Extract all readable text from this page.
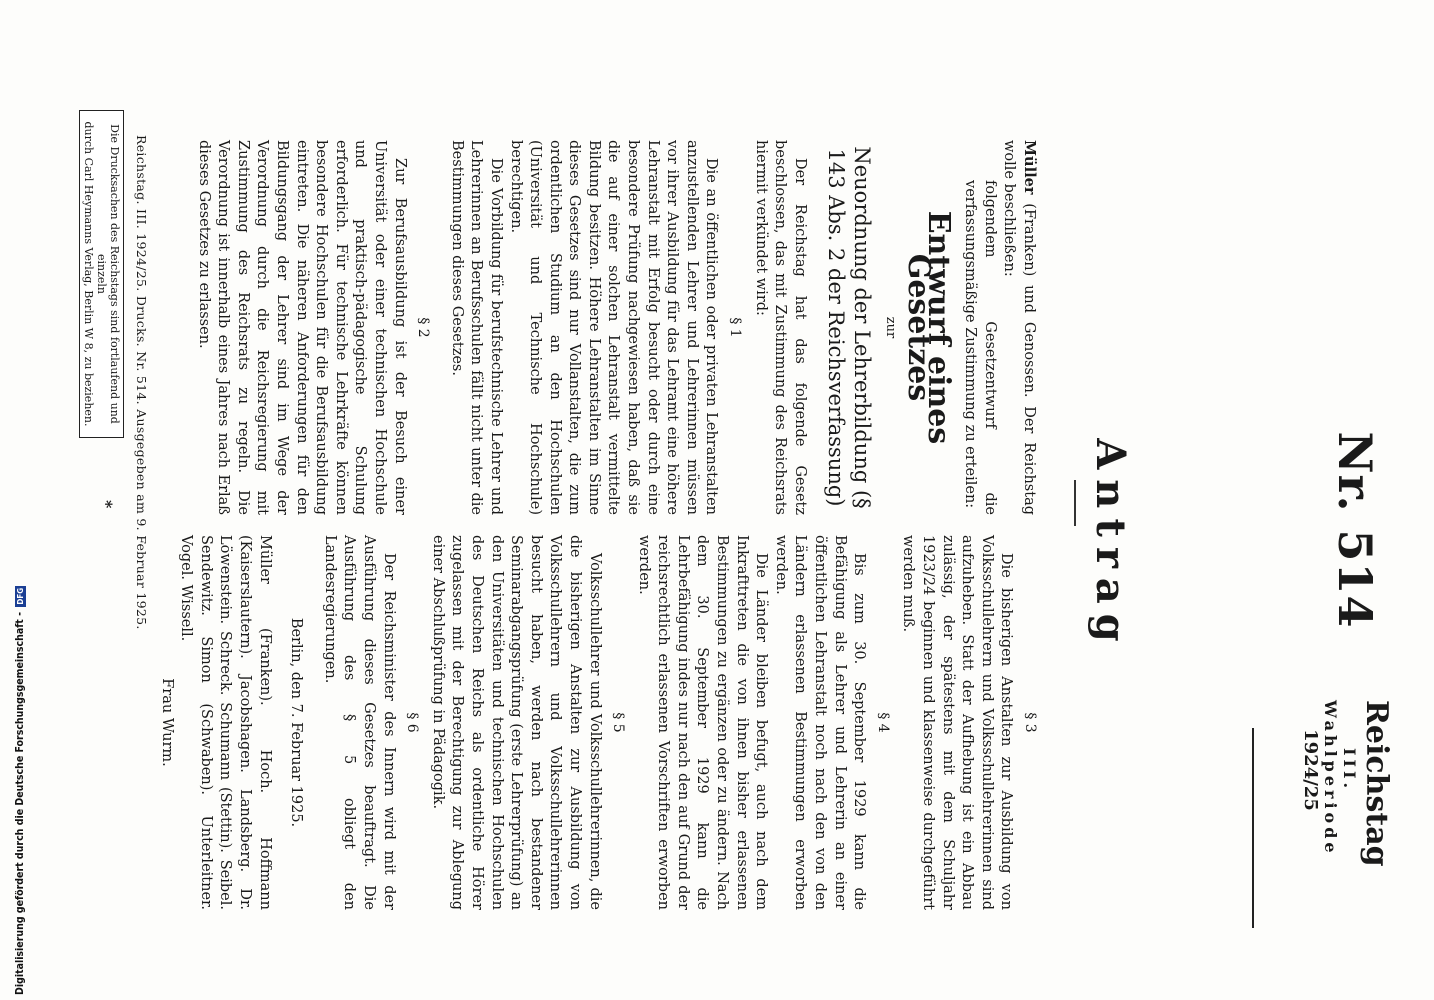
Digitalisierung gefördert durch die Deutsche Forschungsgemeinschaft - DFG	Nr. 514
Reichstag
III. Wahlperiode
1924/25
Antrag

Müller (Franken) und Genossen. Der Reichstag wolle beschließen:

folgendem Gesetzentwurf die verfassungsmäßige Zustimmung zu erteilen:

Entwurf eines Gesetzes
zur
Neuordnung der Lehrerbildung (§ 143 Abs. 2 der Reichsverfassung)

Der Reichstag hat das folgende Gesetz beschlossen, das mit Zustimmung des Reichsrats hiermit verkündet wird:

§ 1

Die an öffentlichen oder privaten Lehranstalten anzustellenden Lehrer und Lehrerinnen müssen vor ihrer Ausbildung für das Lehramt eine höhere Lehranstalt mit Erfolg besucht oder durch eine besondere Prüfung nachgewiesen haben, daß sie die auf einer solchen Lehranstalt vermittelte Bildung besitzen. Höhere Lehranstalten im Sinne dieses Gesetzes sind nur Vollanstalten, die zum ordentlichen Studium an den Hochschulen (Universität und Technische Hochschule) berechtigen.

Die Vorbildung für berufstechnische Lehrer und Lehrerinnen an Berufsschulen fällt nicht unter die Bestimmungen dieses Gesetzes.

§ 2

Zur Berufsausbildung ist der Besuch einer Universität oder einer technischen Hochschule und praktisch-pädagogische Schulung erforderlich. Für technische Lehrkräfte können besondere Hochschulen für die Berufsausbildung eintreten. Die näheren Anforderungen für den Bildungsgang der Lehrer sind im Wege der Verordnung durch die Reichsregierung mit Zustimmung des Reichsrats zu regeln. Die Verordnung ist innerhalb eines Jahres nach Erlaß dieses Gesetzes zu erlassen.

§ 3

Die bisherigen Anstalten zur Ausbildung von Volksschullehrern und Volksschullehrerinnen sind aufzuheben. Statt der Aufhebung ist ein Abbau zulässig, der spätestens mit dem Schuljahr 1923/24 beginnen und klassenweise durchgeführt werden muß.

§ 4

Bis zum 30. September 1929 kann die Befähigung als Lehrer und Lehrerin an einer öffentlichen Lehranstalt noch nach den von den Ländern erlassenen Bestimmungen erworben werden.

Die Länder bleiben befugt, auch nach dem Inkrafttreten die von ihnen bisher erlassenen Bestimmungen zu ergänzen oder zu ändern. Nach dem 30. September 1929 kann die Lehrbefähigung indes nur nach den auf Grund der reichsrechtlich erlassenen Vorschriften erworben werden.

§ 5

Volksschullehrer und Volksschullehrerinnen, die die bisherigen Anstalten zur Ausbildung von Volksschullehrern und Volksschullehrerinnen besucht haben, werden nach bestandener Seminarabgangsprüfung (erste Lehrerprüfung) an den Universitäten und technischen Hochschulen des Deutschen Reichs als ordentliche Hörer zugelassen mit der Berechtigung zur Ablegung einer Abschlußprüfung in Pädagogik.

§ 6

Der Reichsminister des Innern wird mit der Ausführung dieses Gesetzes beauftragt. Die Ausführung des § 5 obliegt den Landesregierungen.

Berlin, den 7. Februar 1925.

Müller (Franken). Hoch. Hoffmann (Kaiserslautern). Jacobshagen. Landsberg. Dr. Löwenstein. Schreck. Schumann (Stettin). Seibel. Sendewitz. Simon (Schwaben). Unterleitner. Vogel. Wissell.

Frau Wurm.
Reichstag. III. 1924/25. Drucks. Nr. 514. Ausgegeben am 9. Februar 1925.
Die Drucksachen des Reichstags sind fortlaufend und einzeln
durch Carl Heymanns Verlag, Berlin W 8, zu beziehen.
*
